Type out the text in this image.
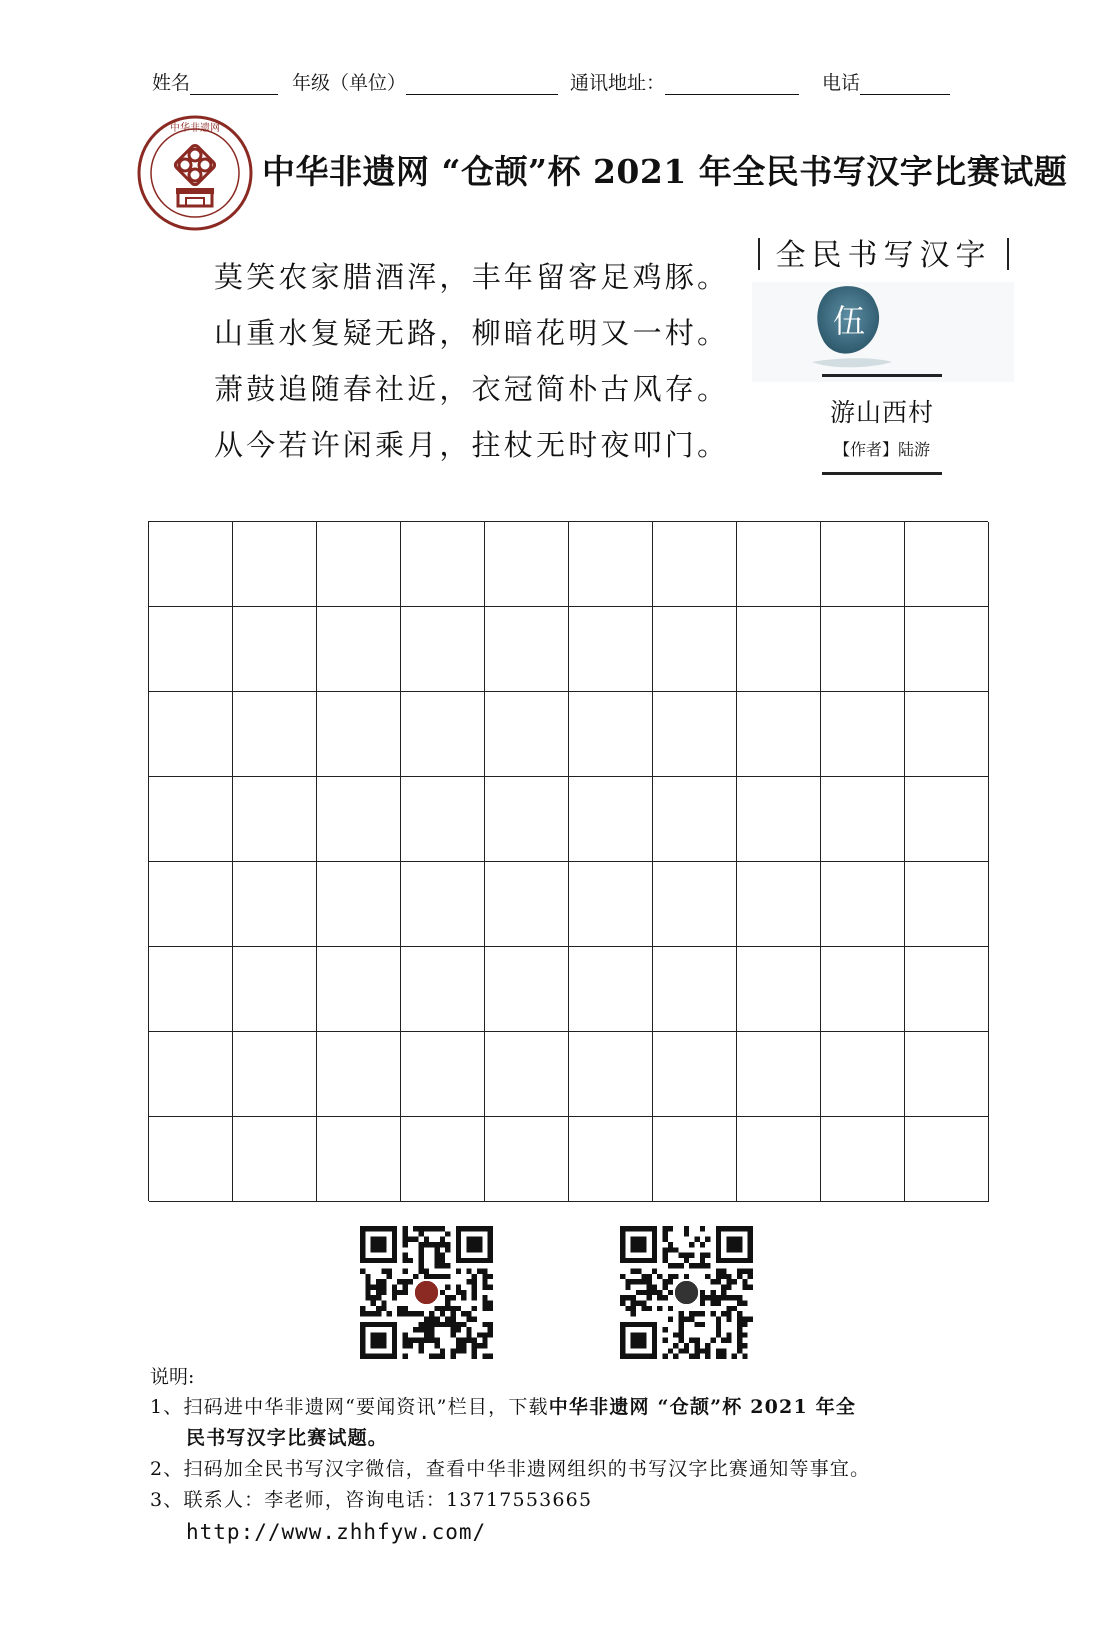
姓名	年级（单位）	通讯地址：	电话
中华非遗网
中华非遗网 “仓颉”杯 2021 年全民书写汉字比赛试题
莫笑农家腊酒浑，丰年留客足鸡豚。
山重水复疑无路，柳暗花明又一村。
萧鼓追随春社近，衣冠简朴古风存。
从今若许闲乘月，拄杖无时夜叩门。
全民书写汉字
伍
游山西村
【作者】陆游
说明:
1、扫码进中华非遗网“要闻资讯”栏目，下载中华非遗网 “仓颉”杯 2021 年全
民书写汉字比赛试题。
2、扫码加全民书写汉字微信，查看中华非遗网组织的书写汉字比赛通知等事宜。
3、联系人：李老师，咨询电话：13717553665
http://www.zhhfyw.com/
